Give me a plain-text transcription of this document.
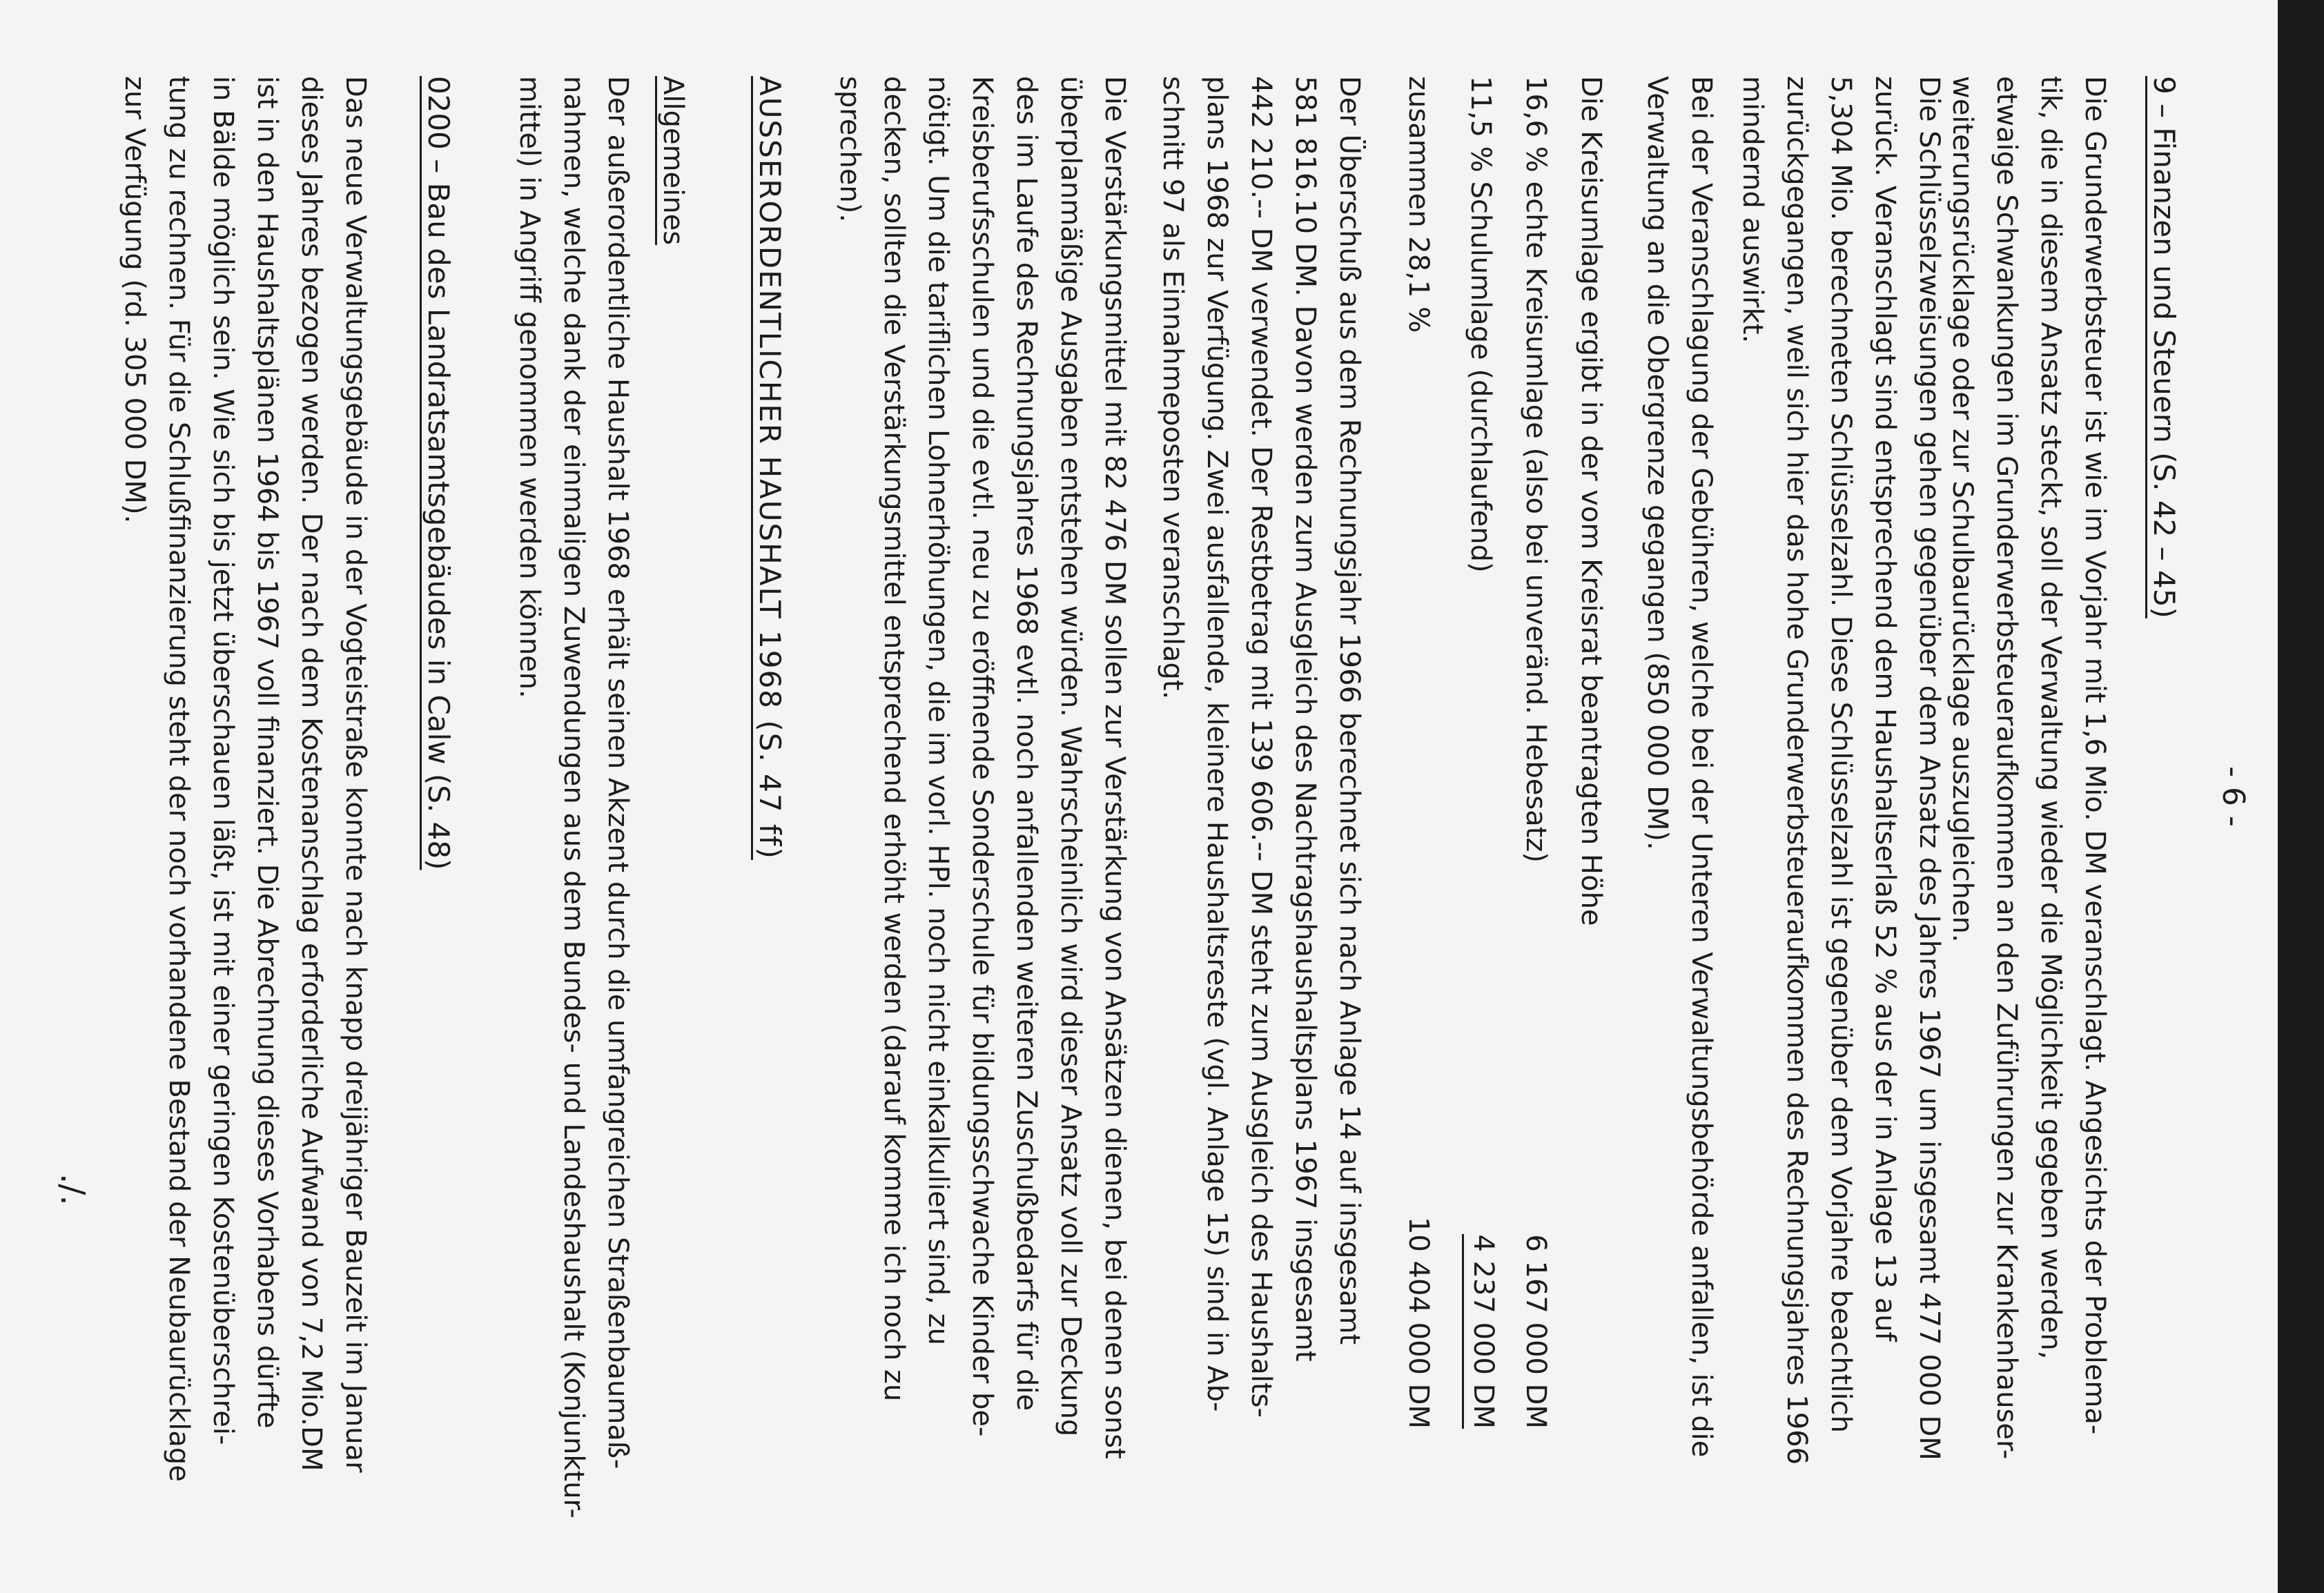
- 6 -
9 – Finanzen und Steuern (S. 42 – 45)

Die Grunderwerbsteuer ist wie im Vorjahr mit 1,6 Mio. DM veranschlagt. Angesichts der Problema-

tik, die in diesem Ansatz steckt, soll der Verwaltung wieder die Möglichkeit gegeben werden,

etwaige Schwankungen im Grunderwerbsteueraufkommen an den Zuführungen zur Krankenhauser-

weiterungsrücklage oder zur Schulbaurücklage auszugleichen.

Die Schlüsselzweisungen gehen gegenüber dem Ansatz des Jahres 1967 um insgesamt 477 000 DM

zurück. Veranschlagt sind entsprechend dem Haushaltserlaß 52 % aus der in Anlage 13 auf

5,304 Mio. berechneten Schlüsselzahl. Diese Schlüsselzahl ist gegenüber dem Vorjahre beachtlich

zurückgegangen, weil sich hier das hohe Grunderwerbsteueraufkommen des Rechnungsjahres 1966

mindernd auswirkt.

Bei der Veranschlagung der Gebühren, welche bei der Unteren Verwaltungsbehörde anfallen, ist die

Verwaltung an die Obergrenze gegangen (850 000 DM).

Die Kreisumlage ergibt in der vom Kreisrat beantragten Höhe

16,6 % echte Kreisumlage (also bei unveränd. Hebesatz)
6 167 000 DM
11,5 % Schulumlage (durchlaufend)
4 237 000 DM
zusammen 28,1 %
10 404 000 DM

Der Überschuß aus dem Rechnungsjahr 1966 berechnet sich nach Anlage 14 auf insgesamt

581 816.10 DM. Davon werden zum Ausgleich des Nachtragshaushaltsplans 1967 insgesamt

442 210.-- DM verwendet. Der Restbetrag mit 139 606.-- DM steht zum Ausgleich des Haushalts-

plans 1968 zur Verfügung. Zwei ausfallende, kleinere Haushaltsreste (vgl. Anlage 15) sind in Ab-

schnitt 97 als Einnahmeposten veranschlagt.

Die Verstärkungsmittel mit 82 476 DM sollen zur Verstärkung von Ansätzen dienen, bei denen sonst

überplanmäßige Ausgaben entstehen würden. Wahrscheinlich wird dieser Ansatz voll zur Deckung

des im Laufe des Rechnungsjahres 1968 evtl. noch anfallenden weiteren Zuschußbedarfs für die

Kreisberufsschulen und die evtl. neu zu eröffnende Sonderschule für bildungsschwache Kinder be-

nötigt. Um die tariflichen Lohnerhöhungen, die im vorl. HPl. noch nicht einkalkuliert sind, zu

decken, sollten die Verstärkungsmittel entsprechend erhöht werden (darauf komme ich noch zu

sprechen).

AUSSERORDENTLICHER HAUSHALT 1968 (S. 47 ff)
Allgemeines

Der außerordentliche Haushalt 1968 erhält seinen Akzent durch die umfangreichen Straßenbaumaß-

nahmen, welche dank der einmaligen Zuwendungen aus dem Bundes- und Landeshaushalt (Konjunktur-

mittel) in Angriff genommen werden können.

0200 – Bau des Landratsamtsgebäudes in Calw (S. 48)

Das neue Verwaltungsgebäude in der Vogteistraße konnte nach knapp dreijähriger Bauzeit im Januar

dieses Jahres bezogen werden. Der nach dem Kostenanschlag erforderliche Aufwand von 7,2 Mio.DM

ist in den Haushaltsplänen 1964 bis 1967 voll finanziert. Die Abrechnung dieses Vorhabens dürfte

in Bälde möglich sein. Wie sich bis jetzt überschauen läßt, ist mit einer geringen Kostenüberschrei-

tung zu rechnen. Für die Schlußfinanzierung steht der noch vorhandene Bestand der Neubaurücklage

zur Verfügung (rd. 305 000 DM).

./.
